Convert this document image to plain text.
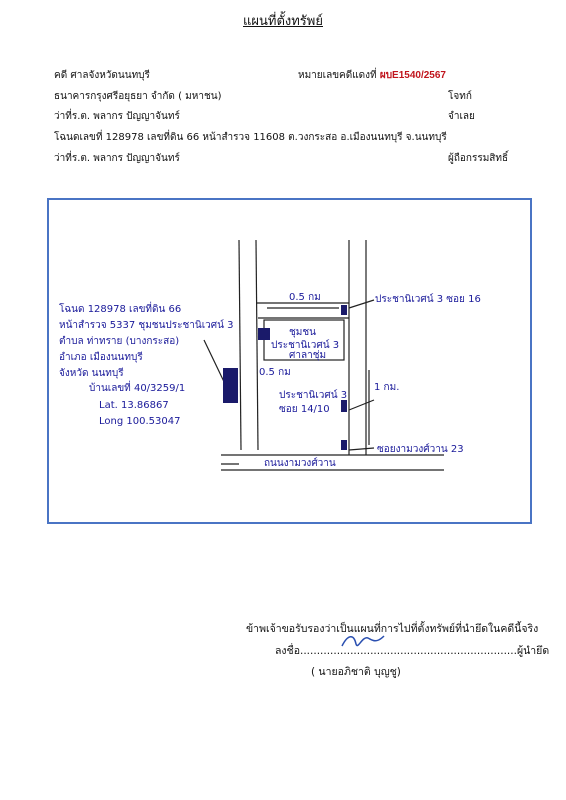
แผนที่ตั้งทรัพย์
คดี ศาลจังหวัดนนทบุรี	หมายเลขคดีแดงที่ ผบE1540/2567
ธนาคารกรุงศรีอยุธยา จำกัด ( มหาชน)	โจทก์
ว่าที่ร.ต. พลากร ปัญญาจันทร์	จำเลย
โฉนดเลขที่ 128978 เลขที่ดิน 66 หน้าสำรวจ 11608 ต.วงกระสอ อ.เมืองนนทบุรี จ.นนทบุรี
ว่าที่ร.ต. พลากร ปัญญาจันทร์	ผู้ถือกรรมสิทธิ์
โฉนด 128978 เลขที่ดิน 66
หน้าสำรวจ 5337 ชุมชนประชานิเวศน์ 3
ตำบล ท่าทราย (บางกระสอ)
อำเภอ เมืองนนทบุรี
จังหวัด นนทบุรี
บ้านเลขที่ 40/3259/1
Lat. 13.86867
Long 100.53047
ประชานิเวศน์ 3 ซอย 16
0.5 กม
ชุมชน
ประชานิเวศน์ 3
ศาลาชุ่ม
0.5 กม
ประชานิเวศน์ 3
ซอย 14/10
1 กม.
ซอยงามวงศ์วาน 23
ถนนงามวงศ์วาน
ข้าพเจ้าขอรับรองว่าเป็นแผนที่การไปที่ตั้งทรัพย์ที่นำยึดในคดีนี้จริง
ลงชื่อ.................................................................ผู้นำยึด
( นายอภิชาติ บุญชู)
